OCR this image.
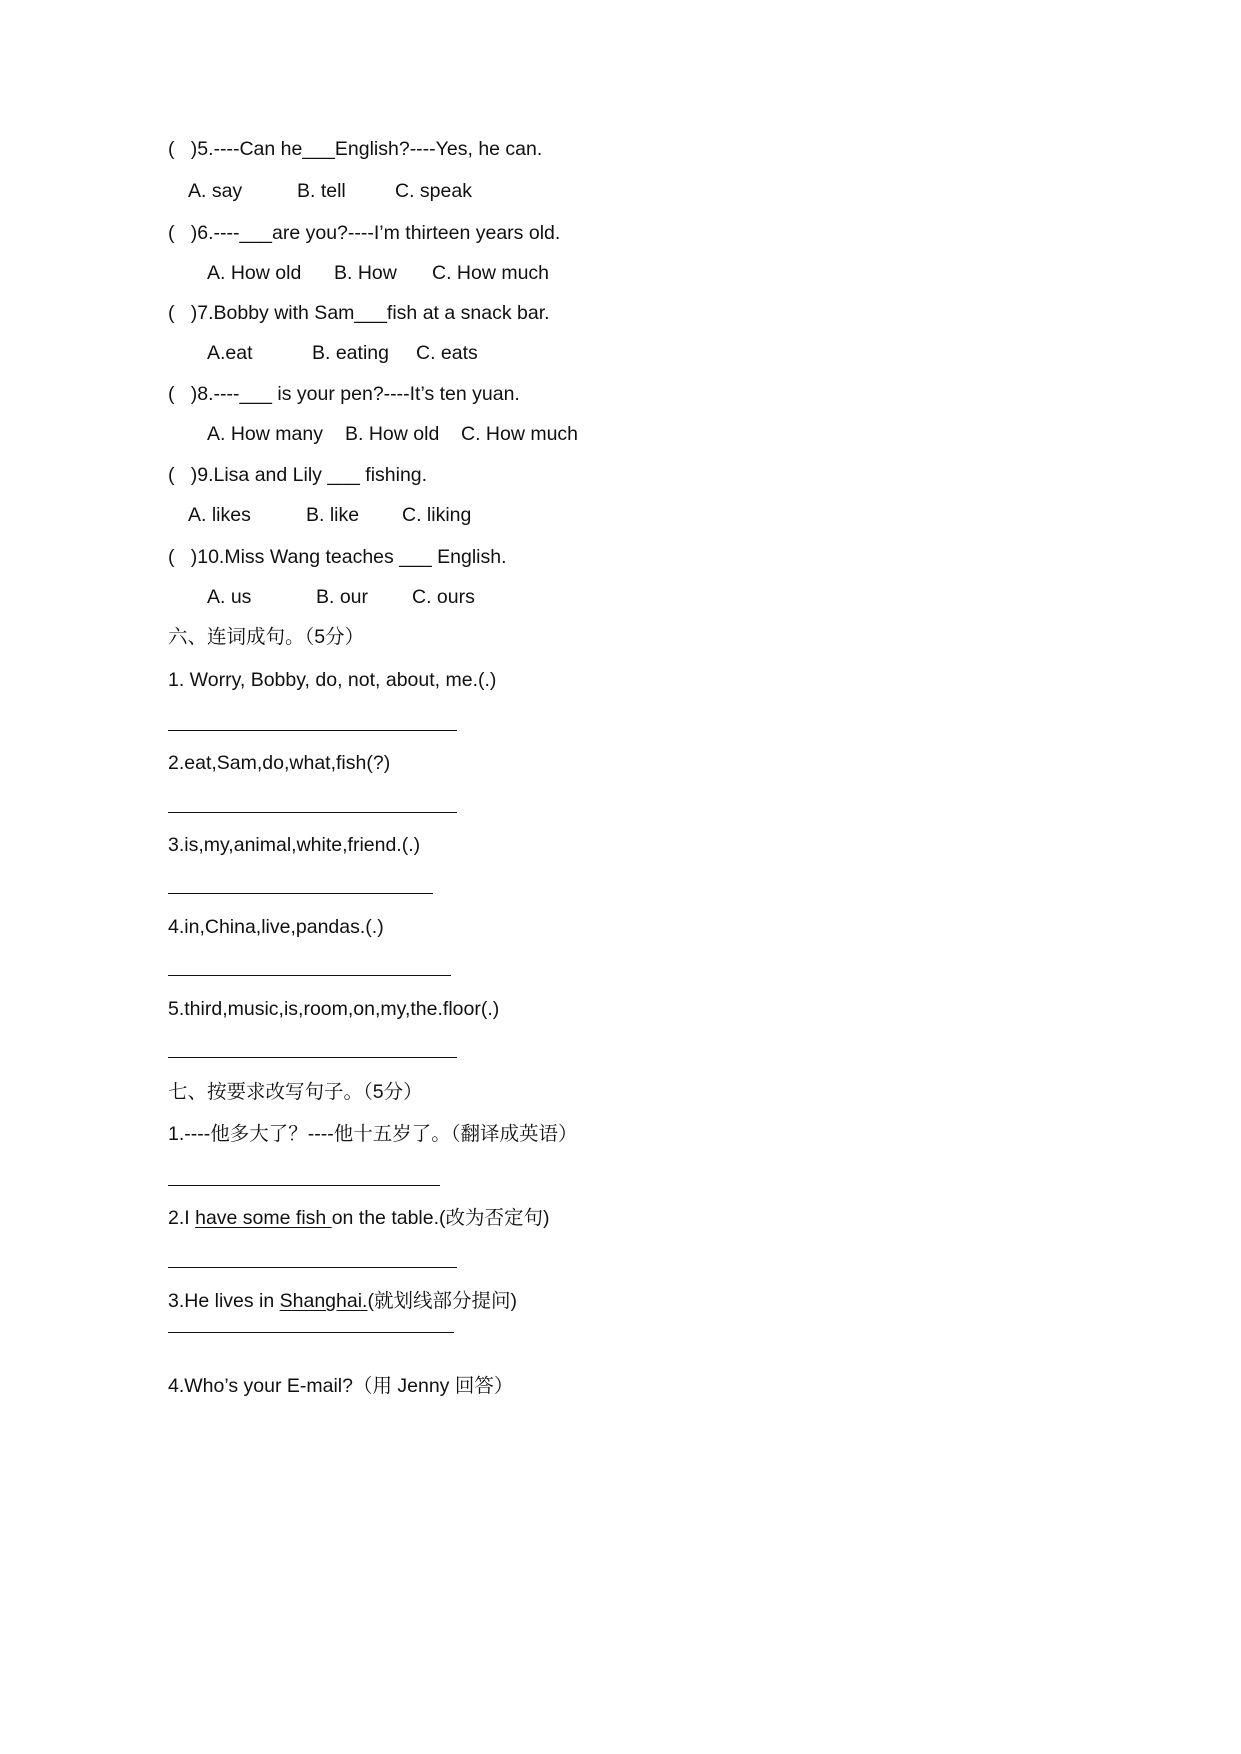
(   )5.----Can he___English?----Yes, he can.
A. say	B. tell	C. speak
(   )6.----___are you?----I’m thirteen years old.
A. How old B. How C. How much
(   )7.Bobby with Sam___fish at a snack bar.
A.eat	B. eating C. eats
(   )8.----___ is your pen?----It’s ten yuan.
A. How many B. How old C. How much
(   )9.Lisa and Lily ___ fishing.
A. likes	B. like C. liking
(   )10.Miss Wang teaches ___ English.
A. us	B. our C. ours
六、连词成句。（5分）
1. Worry, Bobby, do, not, about, me.(.)
2.eat,Sam,do,what,fish(?)
3.is,my,animal,white,friend.(.)
4.in,China,live,pandas.(.)
5.third,music,is,room,on,my,the.floor(.)
七、按要求改写句子。（5分）
1.----他多大了？----他十五岁了。（翻译成英语）
2.I have some fish on the table.(改为否定句)
3.He lives in Shanghai.(就划线部分提问)
4.Who’s your E-mail?（用 Jenny 回答）
